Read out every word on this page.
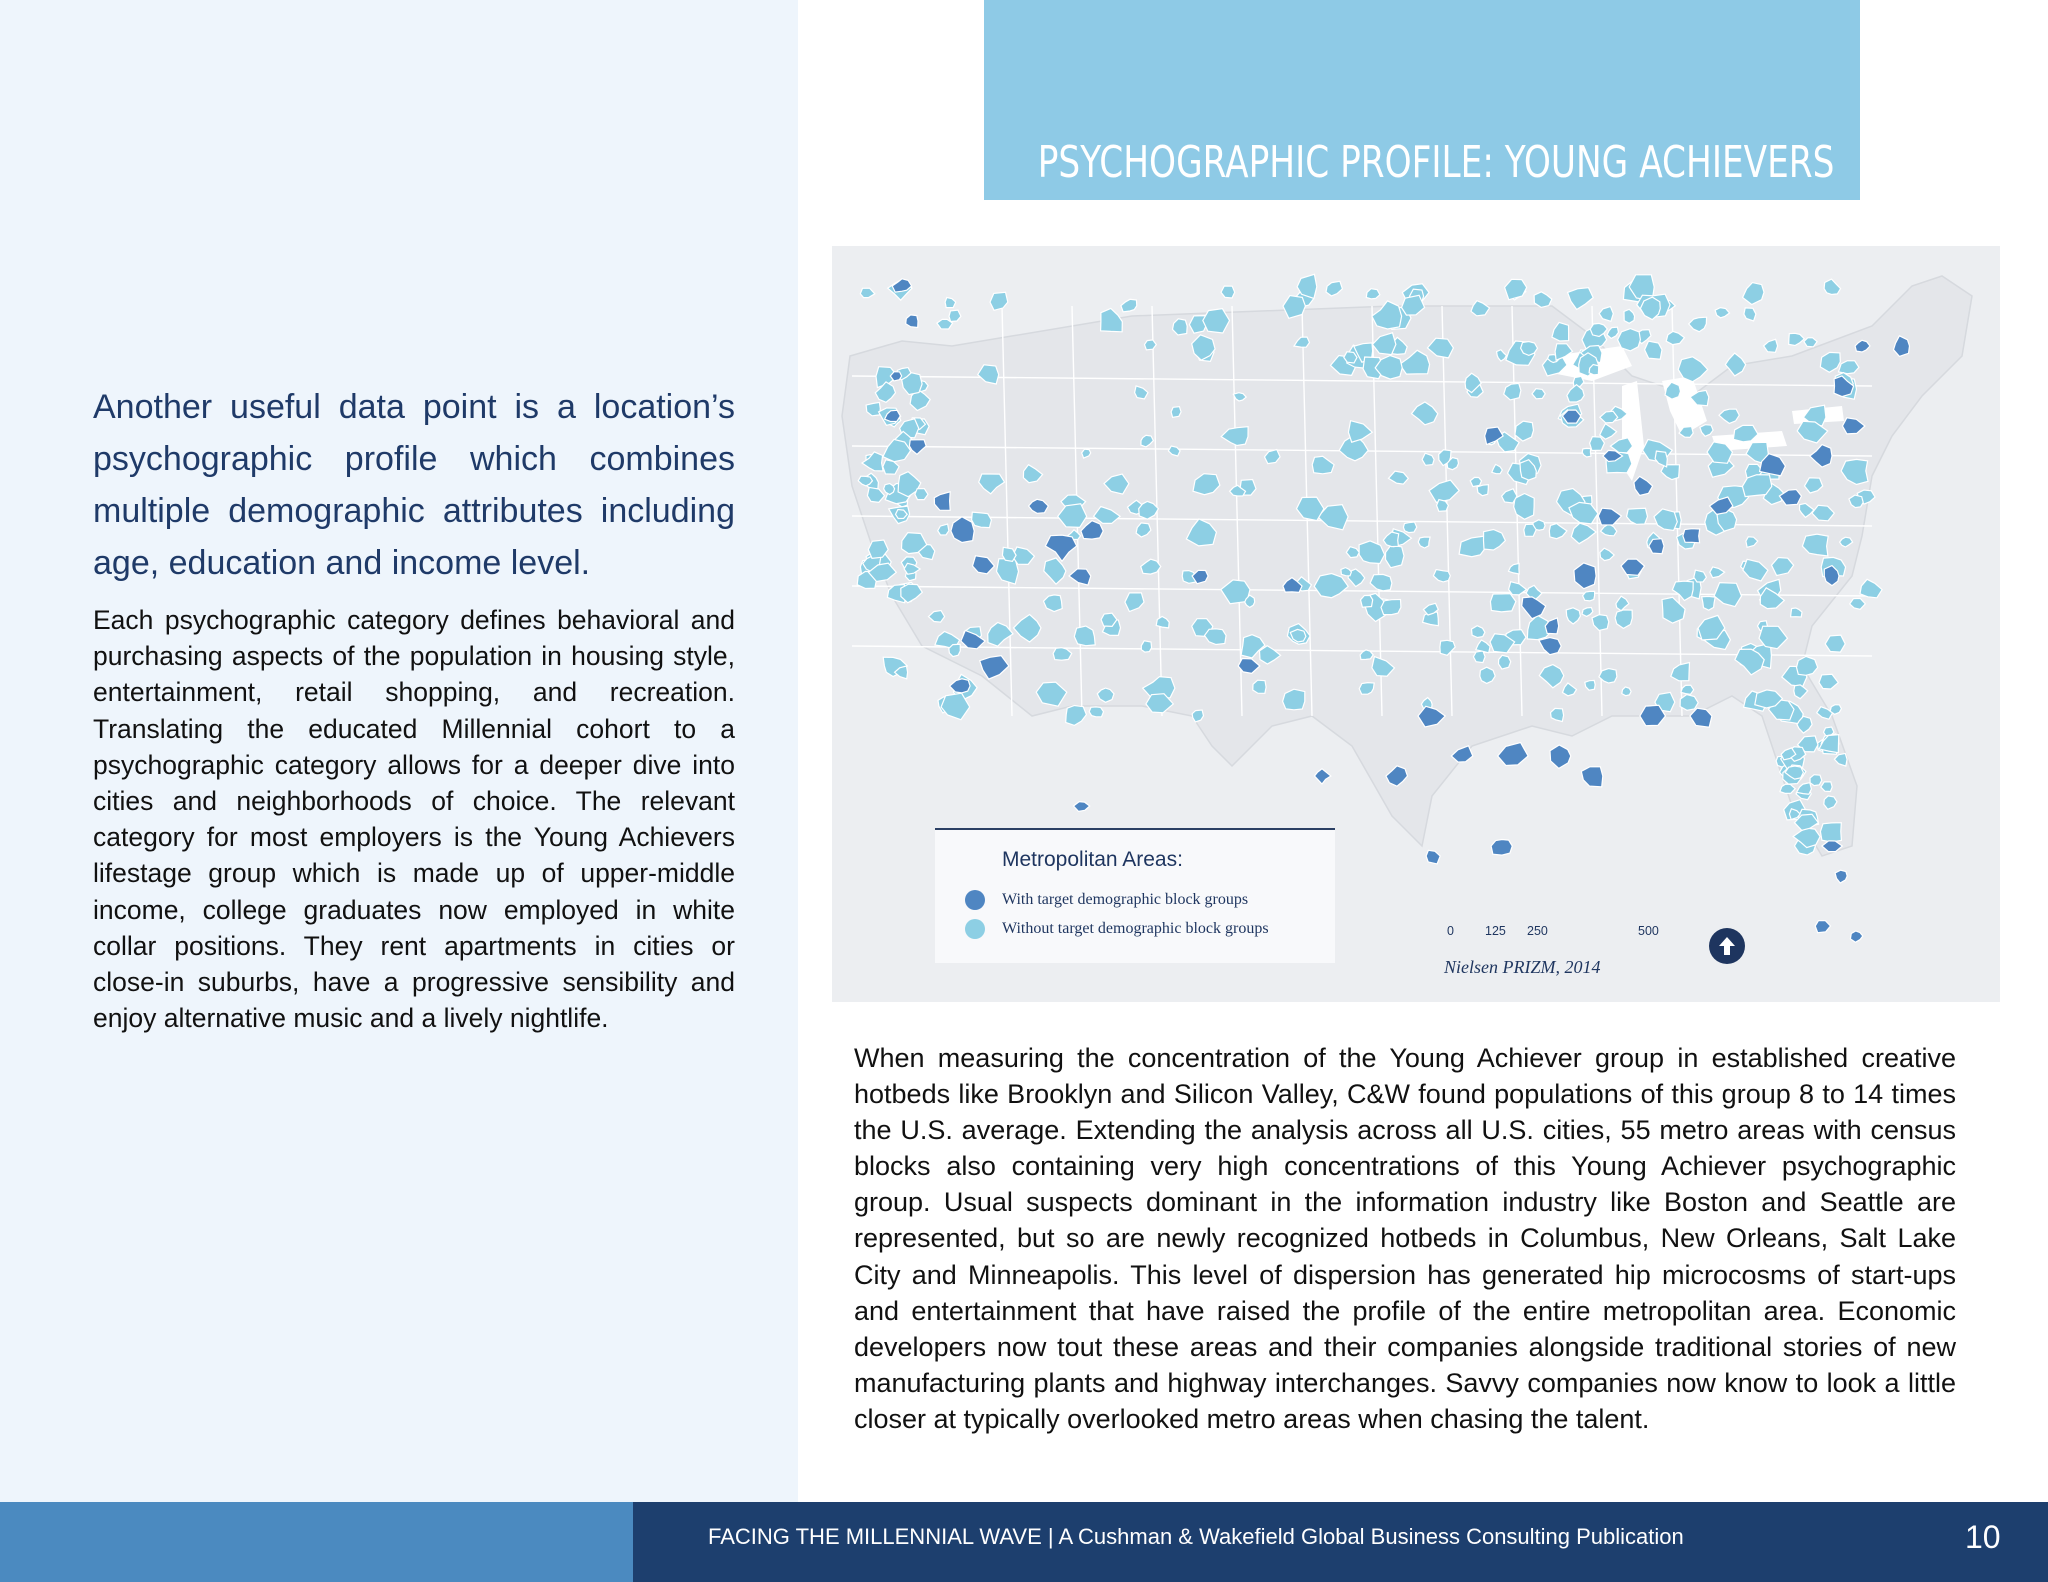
Another useful data point is a location’s psychographic profile which combines multiple demographic attributes including age, education and income level.

Each psychographic category defines behavioral and purchasing aspects of the population in housing style, entertainment, retail shopping, and recreation. Translating the educated Millennial cohort to a psychographic category allows for a deeper dive into cities and neighborhoods of choice. The relevant category for most employers is the Young Achievers lifestage group which is made up of upper-middle income, college graduates now employed in white collar positions. They rent apartments in cities or close-in suburbs, have a progressive sensibility and enjoy alternative music and a lively nightlife.

PSYCHOGRAPHIC PROFILE: YOUNG ACHIEVERS
Metropolitan Areas:
With target demographic block groups
Without target demographic block groups	0 125 250	500
Nielsen PRIZM, 2014

When measuring the concentration of the Young Achiever group in established creative hotbeds like Brooklyn and Silicon Valley, C&W found populations of this group 8 to 14 times the U.S. average. Extending the analysis across all U.S. cities, 55 metro areas with census blocks also containing very high concentrations of this Young Achiever psychographic group. Usual suspects dominant in the information industry like Boston and Seattle are represented, but so are newly recognized hotbeds in Columbus, New Orleans, Salt Lake City and Minneapolis. This level of dispersion has generated hip microcosms of start-ups and entertainment that have raised the profile of the entire metropolitan area. Economic developers now tout these areas and their companies alongside traditional stories of new manufacturing plants and highway interchanges. Savvy companies now know to look a little closer at typically overlooked metro areas when chasing the talent.

FACING THE MILLENNIAL WAVE | A Cushman & Wakefield Global Business Consulting Publication	10
